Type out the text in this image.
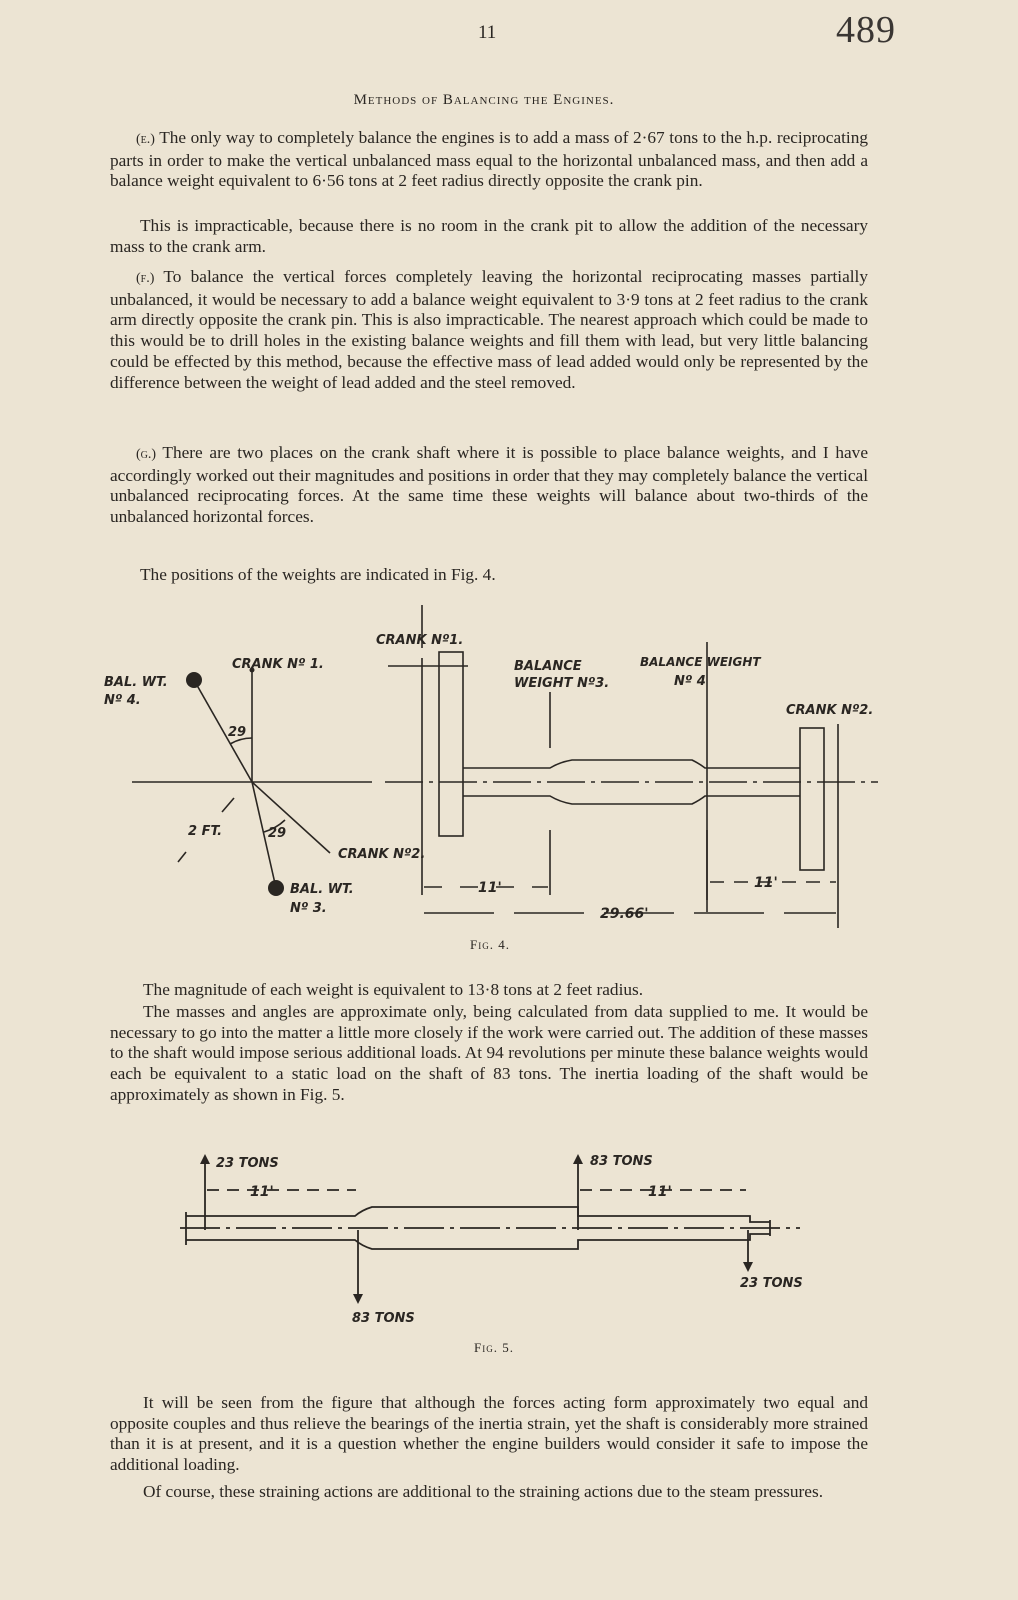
11	489
Methods of Balancing the Engines.

(e.) The only way to completely balance the engines is to add a mass of 2·67 tons to the h.p. reciprocating parts in order to make the vertical unbalanced mass equal to the horizontal unbalanced mass, and then add a balance weight equivalent to 6·56 tons at 2 feet radius directly opposite the crank pin.

This is impracticable, because there is no room in the crank pit to allow the addition of the necessary mass to the crank arm.

(f.) To balance the vertical forces completely leaving the horizontal reciprocating masses partially unbalanced, it would be necessary to add a balance weight equivalent to 3·9 tons at 2 feet radius to the crank arm directly opposite the crank pin. This is also impracticable. The nearest approach which could be made to this would be to drill holes in the existing balance weights and fill them with lead, but very little balancing could be effected by this method, because the effective mass of lead added would only be represented by the difference between the weight of lead added and the steel removed.

(g.) There are two places on the crank shaft where it is possible to place balance weights, and I have accordingly worked out their magnitudes and positions in order that they may completely balance the vertical unbalanced reciprocating forces. At the same time these weights will balance about two-thirds of the unbalanced horizontal forces.

The positions of the weights are indicated in Fig. 4.

CRANK Nº 1.
BAL. WT.
Nº 4.
29
2 FT.	29
CRANK Nº2.
BAL. WT.
Nº 3.
CRANK Nº1.
BALANCE
WEIGHT Nº3.
BALANCE WEIGHT
Nº 4
CRANK Nº2.
11'	11'
29.66'
Fig. 4.

The magnitude of each weight is equivalent to 13·8 tons at 2 feet radius.

The masses and angles are approximate only, being calculated from data supplied to me. It would be necessary to go into the matter a little more closely if the work were carried out. The addition of these masses to the shaft would impose serious additional loads. At 94 revolutions per minute these balance weights would each be equivalent to a static load on the shaft of 83 tons. The inertia loading of the shaft would be approximately as shown in Fig. 5.

23 TONS	83 TONS
83 TONS
23 TONS
11'	11'
Fig. 5.

It will be seen from the figure that although the forces acting form approximately two equal and opposite couples and thus relieve the bearings of the inertia strain, yet the shaft is considerably more strained than it is at present, and it is a question whether the engine builders would consider it safe to impose the additional loading.

Of course, these straining actions are additional to the straining actions due to the steam pressures.
